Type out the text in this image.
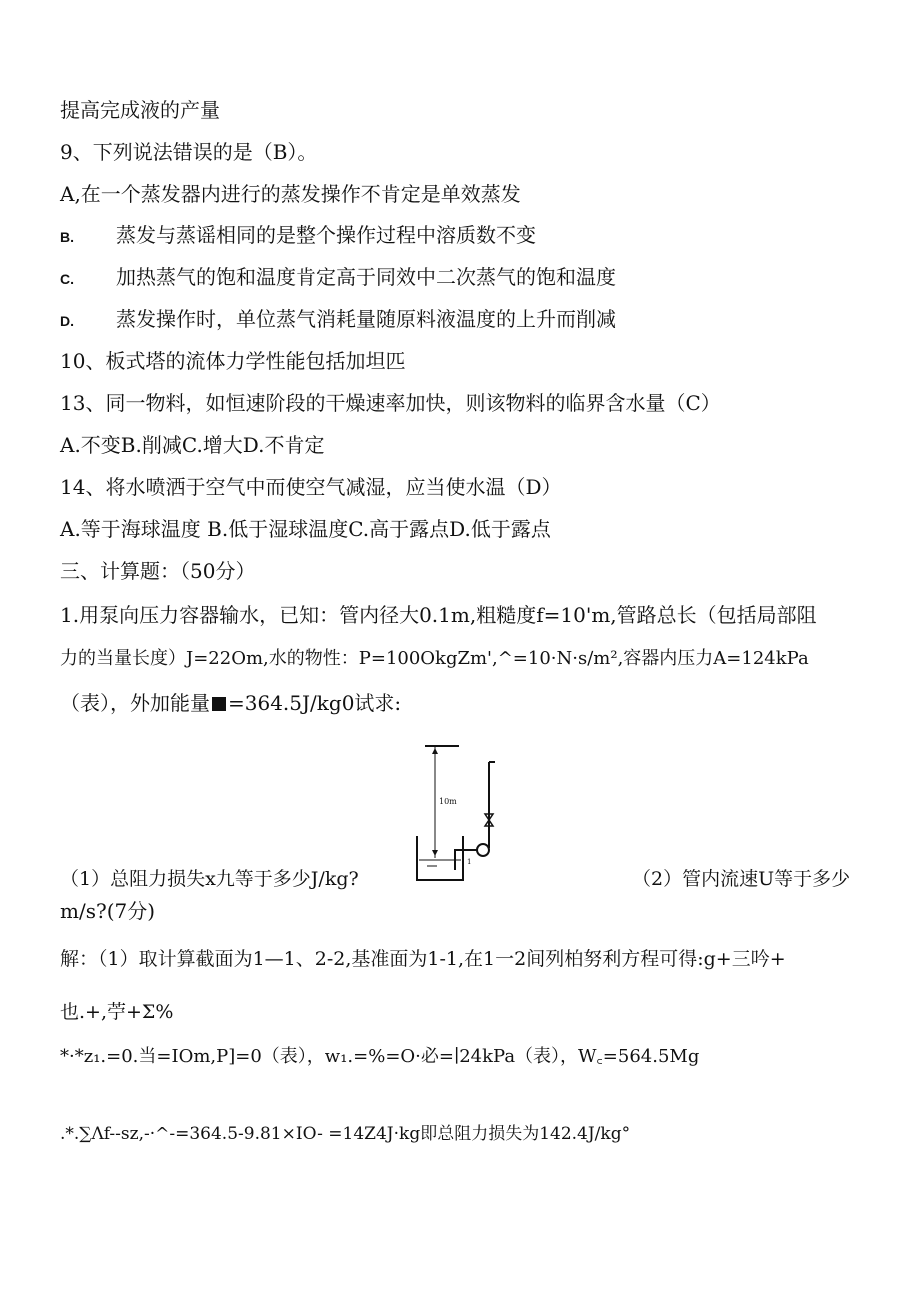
提高完成液的产量
9、下列说法错误的是（B）。
A,在一个蒸发器内进行的蒸发操作不肯定是单效蒸发
B. 蒸发与蒸谣相同的是整个操作过程中溶质数不变
C. 加热蒸气的饱和温度肯定高于同效中二次蒸气的饱和温度
D. 蒸发操作时，单位蒸气消耗量随原料液温度的上升而削减
10、板式塔的流体力学性能包括加坦匹
13、同一物料，如恒速阶段的干燥速率加快，则该物料的临界含水量（C）
A.不变B.削减C.增大D.不肯定
14、将水喷洒于空气中而使空气减湿，应当使水温（D）
A.等于海球温度 B.低于湿球温度C.高于露点D.低于露点
三、计算题：（50分）
1.用泵向压力容器输水，已知：管内径大0.1m,粗糙度f=10'm,管路总长（包括局部阻
力的当量长度）J=22Om,水的物性：P=100OkgZm',^=10·N·s∕m²,容器内压力A=124kPa
（表），外加能量 =364.5J∕kg0试求:
10m
1
（1）总阻力损失x九等于多少J/kg?	（2）管内流速U等于多少
m/s?(7分)
解：（1）取计算截面为1—1、2-2,基准面为1-1,在1一2间列柏努利方程可得:g+三吟+
也.+,苧+Σ%
*·*z₁.=0.当=IOm,P]=0（表），w₁.=%=O·必=∣24kPa（表），W꜀=564.5Mg
.*.∑Λf--sz,-·^-=364.5-9.81×IO- =14Z4J·kg即总阻力损失为142.4J∕kg°
